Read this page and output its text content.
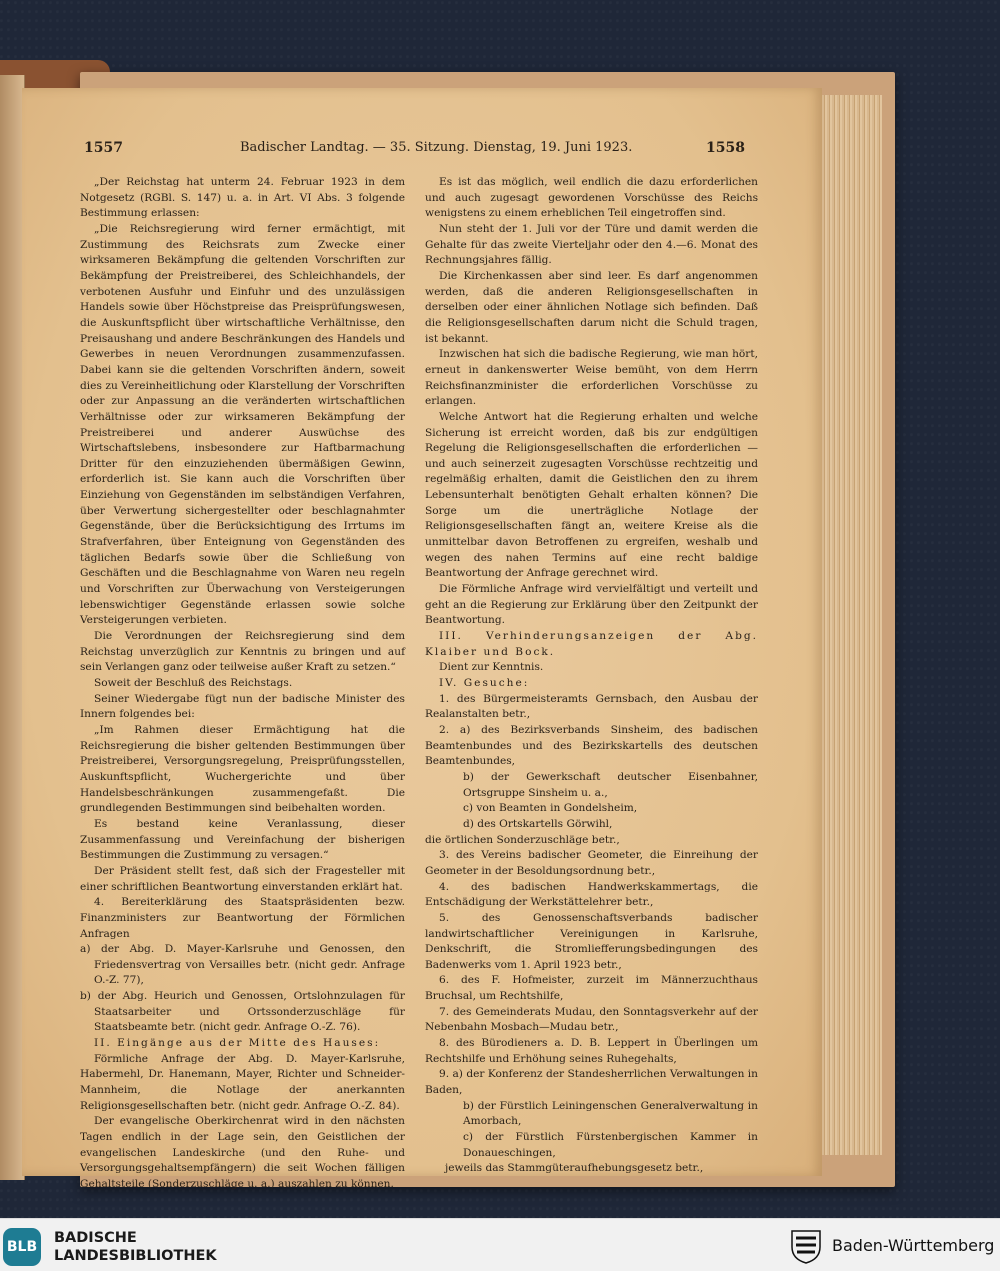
1557	Badischer Landtag. — 35. Sitzung. Dienstag, 19. Juni 1923.	1558

„Der Reichstag hat unterm 24. Februar 1923 in dem Notgesetz (RGBl. S. 147) u. a. in Art. VI Abs. 3 folgende Bestimmung erlassen:

„Die Reichsregierung wird ferner ermächtigt, mit Zustimmung des Reichsrats zum Zwecke einer wirksameren Bekämpfung die geltenden Vorschriften zur Bekämpfung der Preistreiberei, des Schleichhandels, der verbotenen Ausfuhr und Einfuhr und des unzulässigen Handels sowie über Höchstpreise das Preisprüfungswesen, die Auskunftspflicht über wirtschaftliche Verhältnisse, den Preisaushang und andere Beschränkungen des Handels und Gewerbes in neuen Verordnungen zusammenzufassen. Dabei kann sie die geltenden Vorschriften ändern, soweit dies zu Vereinheitlichung oder Klarstellung der Vorschriften oder zur Anpassung an die veränderten wirtschaftlichen Verhältnisse oder zur wirksameren Bekämpfung der Preistreiberei und anderer Auswüchse des Wirtschaftslebens, insbesondere zur Haftbarmachung Dritter für den einzuziehenden übermäßigen Gewinn, erforderlich ist. Sie kann auch die Vorschriften über Einziehung von Gegenständen im selbständigen Verfahren, über Verwertung sichergestellter oder beschlagnahmter Gegenstände, über die Berücksichtigung des Irrtums im Strafverfahren, über Enteignung von Gegenständen des täglichen Bedarfs sowie über die Schließung von Geschäften und die Beschlagnahme von Waren neu regeln und Vorschriften zur Überwachung von Versteigerungen lebenswichtiger Gegenstände erlassen sowie solche Versteigerungen verbieten.

Die Verordnungen der Reichsregierung sind dem Reichstag unverzüglich zur Kenntnis zu bringen und auf sein Verlangen ganz oder teilweise außer Kraft zu setzen.“

Soweit der Beschluß des Reichstags.

Seiner Wiedergabe fügt nun der badische Minister des Innern folgendes bei:

„Im Rahmen dieser Ermächtigung hat die Reichsregierung die bisher geltenden Bestimmungen über Preistreiberei, Versorgungsregelung, Preisprüfungsstellen, Auskunftspflicht, Wuchergerichte und über Handelsbeschränkungen zusammengefaßt. Die grundlegenden Bestimmungen sind beibehalten worden.

Es bestand keine Veranlassung, dieser Zusammenfassung und Vereinfachung der bisherigen Bestimmungen die Zustimmung zu versagen.“

Der Präsident stellt fest, daß sich der Fragesteller mit einer schriftlichen Beantwortung einverstanden erklärt hat.

4. Bereiterklärung des Staatspräsidenten bezw. Finanzministers zur Beantwortung der Förmlichen Anfragen

a) der Abg. D. Mayer-Karlsruhe und Genossen, den Friedensvertrag von Versailles betr. (nicht gedr. Anfrage O.-Z. 77),

b) der Abg. Heurich und Genossen, Ortslohnzulagen für Staatsarbeiter und Ortssonderzuschläge für Staatsbeamte betr. (nicht gedr. Anfrage O.-Z. 76).

II. Eingänge aus der Mitte des Hauses:

Förmliche Anfrage der Abg. D. Mayer-Karlsruhe, Habermehl, Dr. Hanemann, Mayer, Richter und Schneider-Mannheim, die Notlage der anerkannten Religionsgesellschaften betr. (nicht gedr. Anfrage O.-Z. 84).

Der evangelische Oberkirchenrat wird in den nächsten Tagen endlich in der Lage sein, den Geistlichen der evangelischen Landeskirche (und den Ruhe- und Versorgungsgehaltsempfängern) die seit Wochen fälligen Gehaltsteile (Sonderzuschläge u. a.) auszahlen zu können.

Es ist das möglich, weil endlich die dazu erforderlichen und auch zugesagt gewordenen Vorschüsse des Reichs wenigstens zu einem erheblichen Teil eingetroffen sind.

Nun steht der 1. Juli vor der Türe und damit werden die Gehalte für das zweite Vierteljahr oder den 4.—6. Monat des Rechnungsjahres fällig.

Die Kirchenkassen aber sind leer. Es darf angenommen werden, daß die anderen Religionsgesellschaften in derselben oder einer ähnlichen Notlage sich befinden. Daß die Religionsgesellschaften darum nicht die Schuld tragen, ist bekannt.

Inzwischen hat sich die badische Regierung, wie man hört, erneut in dankenswerter Weise bemüht, von dem Herrn Reichsfinanzminister die erforderlichen Vorschüsse zu erlangen.

Welche Antwort hat die Regierung erhalten und welche Sicherung ist erreicht worden, daß bis zur endgültigen Regelung die Religionsgesellschaften die erforderlichen — und auch seinerzeit zugesagten Vorschüsse rechtzeitig und regelmäßig erhalten, damit die Geistlichen den zu ihrem Lebensunterhalt benötigten Gehalt erhalten können? Die Sorge um die unerträgliche Notlage der Religionsgesellschaften fängt an, weitere Kreise als die unmittelbar davon Betroffenen zu ergreifen, weshalb und wegen des nahen Termins auf eine recht baldige Beantwortung der Anfrage gerechnet wird.

Die Förmliche Anfrage wird vervielfältigt und verteilt und geht an die Regierung zur Erklärung über den Zeitpunkt der Beantwortung.

III. Verhinderungsanzeigen der Abg. Klaiber und Bock.

Dient zur Kenntnis.

IV. Gesuche:

1. des Bürgermeisteramts Gernsbach, den Ausbau der Realanstalten betr.,

2. a) des Bezirksverbands Sinsheim, des badischen Beamtenbundes und des Bezirkskartells des deutschen Beamtenbundes,

b) der Gewerkschaft deutscher Eisenbahner, Ortsgruppe Sinsheim u. a.,

c) von Beamten in Gondelsheim,

d) des Ortskartells Görwihl,

die örtlichen Sonderzuschläge betr.,

3. des Vereins badischer Geometer, die Einreihung der Geometer in der Besoldungsordnung betr.,

4. des badischen Handwerkskammertags, die Entschädigung der Werkstättelehrer betr.,

5. des Genossenschaftsverbands badischer landwirtschaftlicher Vereinigungen in Karlsruhe, Denkschrift, die Stromliefferungsbedingungen des Badenwerks vom 1. April 1923 betr.,

6. des F. Hofmeister, zurzeit im Männerzuchthaus Bruchsal, um Rechtshilfe,

7. des Gemeinderats Mudau, den Sonntagsverkehr auf der Nebenbahn Mosbach—Mudau betr.,

8. des Bürodieners a. D. B. Leppert in Überlingen um Rechtshilfe und Erhöhung seines Ruhegehalts,

9. a) der Konferenz der Standesherrlichen Verwaltungen in Baden,

b) der Fürstlich Leiningenschen Generalverwaltung in Amorbach,

c) der Fürstlich Fürstenbergischen Kammer in Donaueschingen,

jeweils das Stammgüteraufhebungsgesetz betr.,

BLB
BADISCHE
LANDESBIBLIOTHEK
Baden-Württemberg
